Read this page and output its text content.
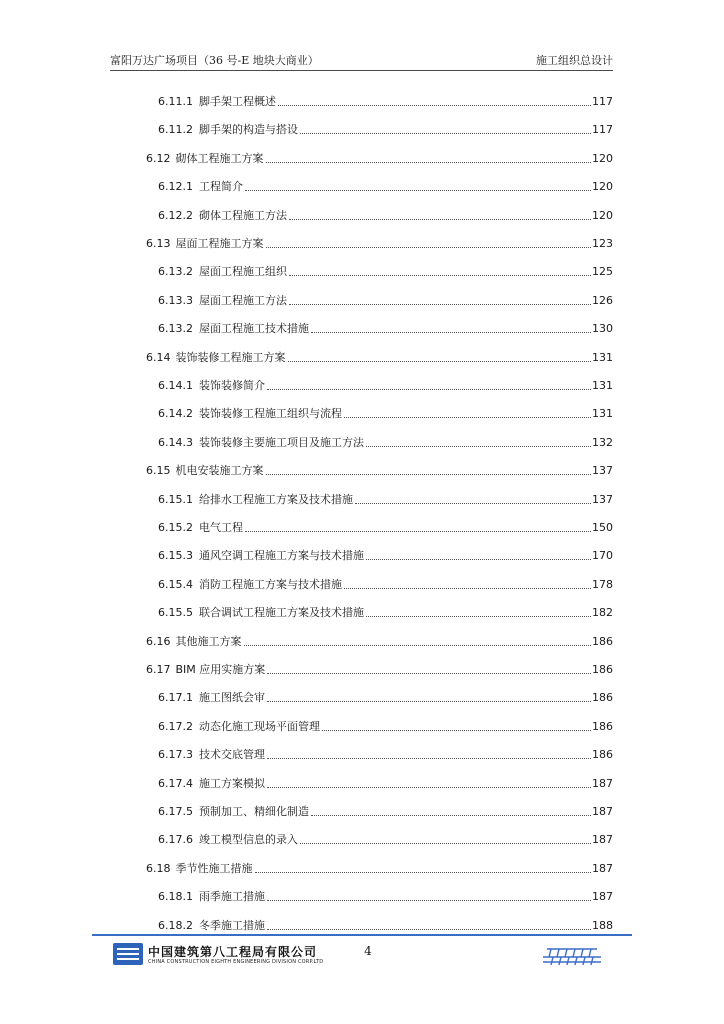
富阳万达广场项目（36 号-E 地块大商业）	施工组织总设计
6.11.1 脚手架工程概述	117
6.11.2 脚手架的构造与搭设	117
6.12 砌体工程施工方案	120
6.12.1 工程简介	120
6.12.2 砌体工程施工方法	120
6.13 屋面工程施工方案	123
6.13.2 屋面工程施工组织	125
6.13.3 屋面工程施工方法	126
6.13.2 屋面工程施工技术措施	130
6.14 装饰装修工程施工方案	131
6.14.1 装饰装修简介	131
6.14.2 装饰装修工程施工组织与流程	131
6.14.3 装饰装修主要施工项目及施工方法	132
6.15 机电安装施工方案	137
6.15.1 给排水工程施工方案及技术措施	137
6.15.2 电气工程	150
6.15.3 通风空调工程施工方案与技术措施	170
6.15.4 消防工程施工方案与技术措施	178
6.15.5 联合调试工程施工方案及技术措施	182
6.16 其他施工方案	186
6.17 BIM 应用实施方案	186
6.17.1 施工图纸会审	186
6.17.2 动态化施工现场平面管理	186
6.17.3 技术交底管理	186
6.17.4 施工方案模拟	187
6.17.5 预制加工、精细化制造	187
6.17.6 竣工模型信息的录入	187
6.18 季节性施工措施	187
6.18.1 雨季施工措施	187
6.18.2 冬季施工措施	188
中国建筑第八工程局有限公司
CHINA CONSTRUCTION EIGHTH ENGINEERING DIVISION CORP.LTD
4
